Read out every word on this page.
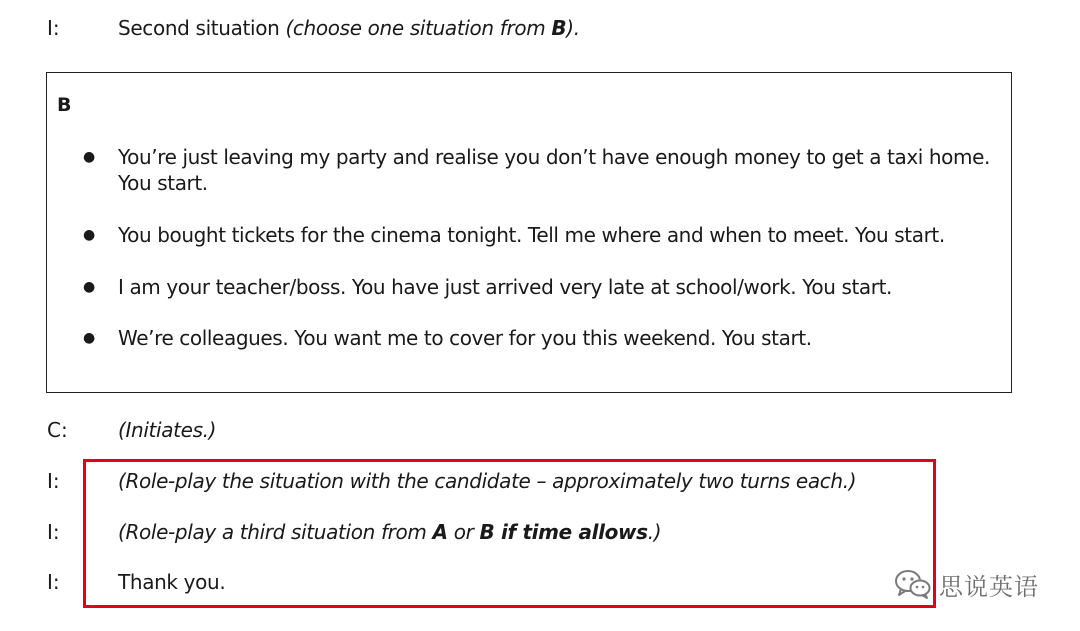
I:	Second situation (choose one situation from B).
B
● You’re just leaving my party and realise you don’t have enough money to get a taxi home.
You start.
● You bought tickets for the cinema tonight. Tell me where and when to meet. You start.
● I am your teacher/boss. You have just arrived very late at school/work. You start.
● We’re colleagues. You want me to cover for you this weekend. You start.
C:	(Initiates.)
I:	(Role-play the situation with the candidate – approximately two turns each.)
I:	(Role-play a third situation from A or B if time allows.)
I:	Thank you.	思说英语
